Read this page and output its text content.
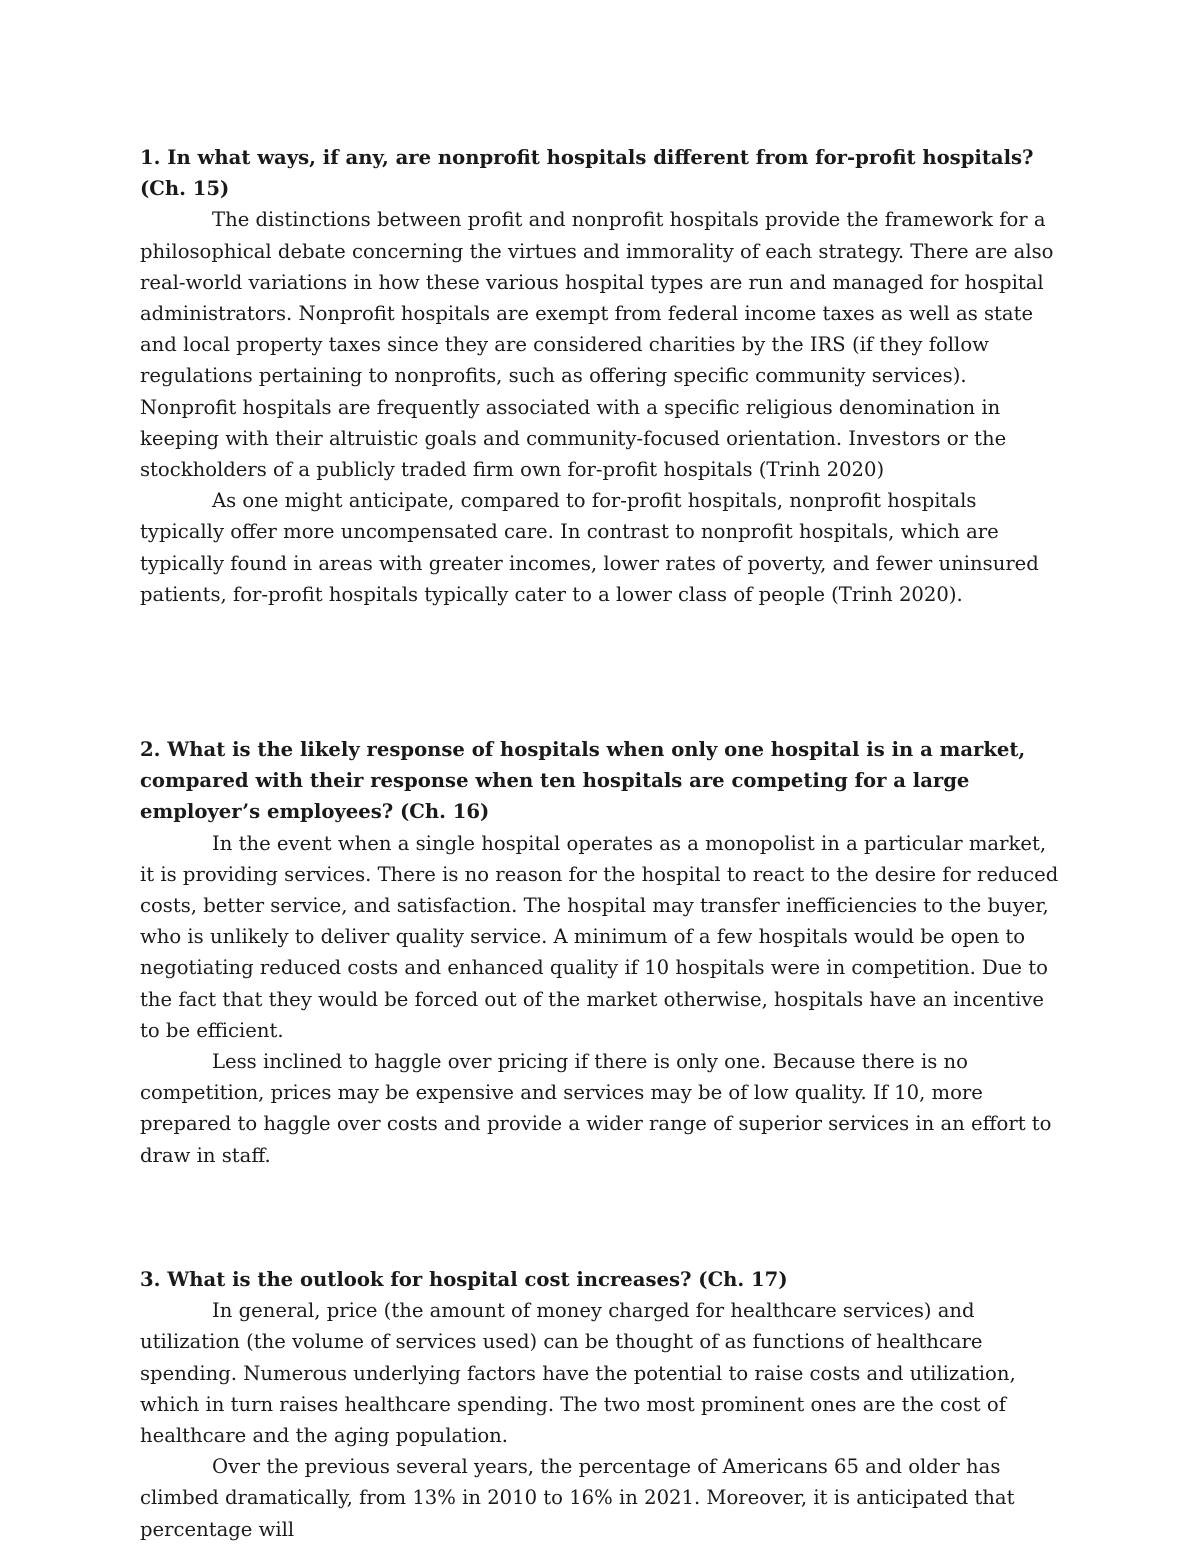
1. In what ways, if any, are nonprofit hospitals different from for-profit hospitals? (Ch. 15)

The distinctions between profit and nonprofit hospitals provide the framework for a philosophical debate concerning the virtues and immorality of each strategy. There are also real-world variations in how these various hospital types are run and managed for hospital administrators. Nonprofit hospitals are exempt from federal income taxes as well as state and local property taxes since they are considered charities by the IRS (if they follow regulations pertaining to nonprofits, such as offering specific community services). Nonprofit hospitals are frequently associated with a specific religious denomination in keeping with their altruistic goals and community-focused orientation. Investors or the stockholders of a publicly traded firm own for-profit hospitals (Trinh 2020)

As one might anticipate, compared to for-profit hospitals, nonprofit hospitals typically offer more uncompensated care. In contrast to nonprofit hospitals, which are typically found in areas with greater incomes, lower rates of poverty, and fewer uninsured patients, for-profit hospitals typically cater to a lower class of people (Trinh 2020).

2. What is the likely response of hospitals when only one hospital is in a market, compared with their response when ten hospitals are competing for a large employer’s employees? (Ch. 16)

In the event when a single hospital operates as a monopolist in a particular market, it is providing services. There is no reason for the hospital to react to the desire for reduced costs, better service, and satisfaction. The hospital may transfer inefficiencies to the buyer, who is unlikely to deliver quality service. A minimum of a few hospitals would be open to negotiating reduced costs and enhanced quality if 10 hospitals were in competition. Due to the fact that they would be forced out of the market otherwise, hospitals have an incentive to be efficient.

Less inclined to haggle over pricing if there is only one. Because there is no competition, prices may be expensive and services may be of low quality. If 10, more prepared to haggle over costs and provide a wider range of superior services in an effort to draw in staff.

3. What is the outlook for hospital cost increases? (Ch. 17)

In general, price (the amount of money charged for healthcare services) and utilization (the volume of services used) can be thought of as functions of healthcare spending. Numerous underlying factors have the potential to raise costs and utilization, which in turn raises healthcare spending. The two most prominent ones are the cost of healthcare and the aging population.

Over the previous several years, the percentage of Americans 65 and older has climbed dramatically, from 13% in 2010 to 16% in 2021. Moreover, it is anticipated that percentage will
